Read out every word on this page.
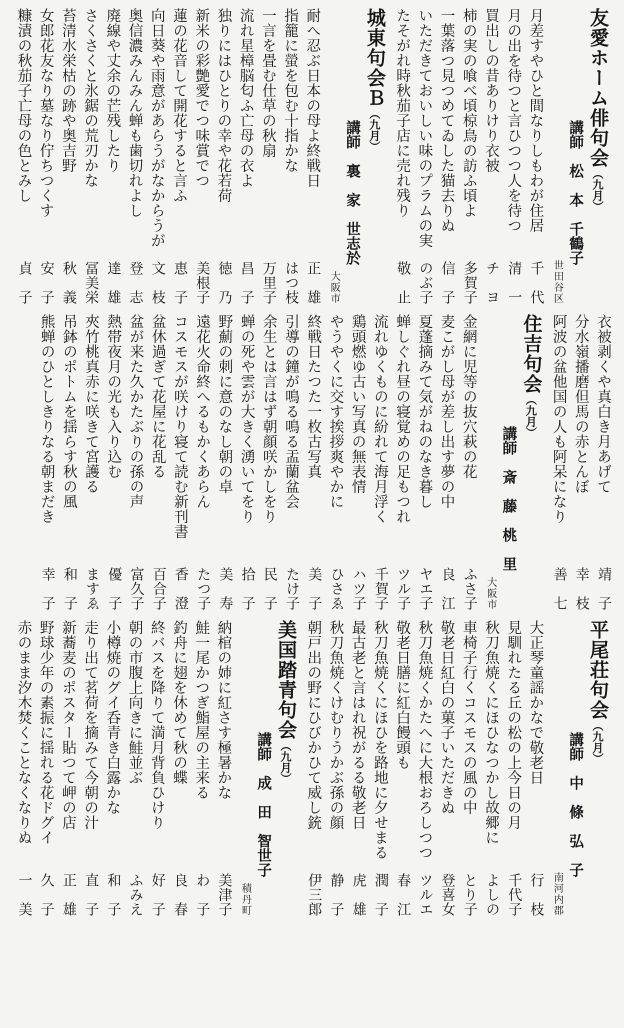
友愛ホーム俳句会（九月）
講師　松　本　千鶴子
世田谷区
月差すやひと間なりしもわが住居
千　代
月の出を待つと言ひつつ人を待つ
清　一
買出しの昔ありけり衣被
チ　ヨ
柿の実の喰べ頃椋鳥の訪ふ頃よ
多賀子
一葉落つ見つめてゐした猫去りぬ
信　子
いただきておいしい味のプラムの実
のぶ子
たそがれ時秋茄子店に売れ残り
敬　止
城東句会Ｂ（九月）
講師　裏　家　世志於
大阪市
耐へ忍ぶ日本の母よ終戦日
正　雄
指籠に螢を包む十指かな
はつ枝
一言を畳む仕草の秋扇
万里子
流れ星樟脳匂ふ亡母の衣よ
昌　子
独りにはひとりの幸や花若荷
徳　乃
新米の彩艶愛でつ味賞でつ
美根子
蓮の花音して開花すると言ふ
恵　子
向日葵や雨意があらうがなからうが
文　枝
奥信濃みんみん蝉も歯切れよし
登　志
廃線や丈余の芒残したり
達　雄
さくさくと氷鋸の荒刃かな
冨美栄
苔清水栄枯の跡や奥吉野
秋　義
女郎花友なり墓なり佇ちつくす
安　子
糠漬の秋茄子亡母の色とみし
貞　子
衣被剥くや真白き月あげて
靖　子
分水嶺播磨但馬の赤とんぼ
幸　枝
阿波の盆他国の人も阿呆になり
善　七
住吉句会（九月）
講師　斎　藤　桃　里
大阪市
金網に児等の抜穴萩の花
ふさ子
麦こがし母が差し出す夢の中
良　江
夏蓬摘みて気がねのなき暮し
ヤエ子
蝉しぐれ昼の寝覚めの足もつれ
ツル子
流れゆくものに紛れて海月浮く
千賀子
鶏頭燃ゆ古い写真の無表情
ハツ子
やうやくに交す挨拶爽やかに
ひさゑ
終戦日たつた一枚古写真
美　子
引導の鐘が鳴る鳴る盂蘭盆会
たけ子
余生とは言はず朝顔咲かしをり
民　子
蝉の死や雲が大きく湧いてをり
拾　子
野薊の刺に意のなし朝の卓
美　寿
遠花火命終へるもかくあらん
たつ子
コスモスが咲けり寝て読む新刊書
香　澄
盆休過ぎて花屋に花乱る
百合子
盆が来た久かたぶりの孫の声
富久子
熱帯夜月の光も入り込む
優　子
夾竹桃真赤に咲きて宮護る
ますゑ
吊鉢のポトムを揺らす秋の風
和　子
熊蝉のひとしきりなる朝まだき
幸　子
平尾荘句会（九月）
講師　中　條　弘　子
南河内郡
大正琴童謡かなで敬老日
行　枝
見馴れたる丘の松の上今日の月
千代子
秋刀魚焼くにほひなつかし故郷に
よしの
車椅子行くコスモスの風の中
とり子
敬老日紅白の菓子いただきぬ
登喜女
秋刀魚焼くかたへに大根おろしつつ
ツルエ
敬老日膳に紅白饅頭も
春　江
秋刀魚焼くにほひを路地に夕せまる
潤　子
最古老と言はれ祝がるる敬老日
虎　雄
秋刀魚焼くけむりうかぶ孫の顔
静　子
朝戸出の野にひびかひて威し銃
伊三郎
美国踏青句会（九月）
講師　成　田　智世子
積丹町
納棺の姉に紅さす極暑かな
美津子
鮭一尾かつぎ鮨屋の主来る
わ　子
釣舟に翅を休めて秋の蝶
良　春
終バスを降りて満月背負ひけり
好　子
朝の市腹上向きに鮭並ぶ
ふみえ
小樽焼のグイ呑青き白露かな
和　子
走り出て茗荷を摘みて今朝の汁
直　子
新蕎麦のポスター貼つて岬の店
正　雄
野球少年の素振に揺れる花ドグイ
久　子
赤のまま汐木焚くことなくなりぬ
一　美
